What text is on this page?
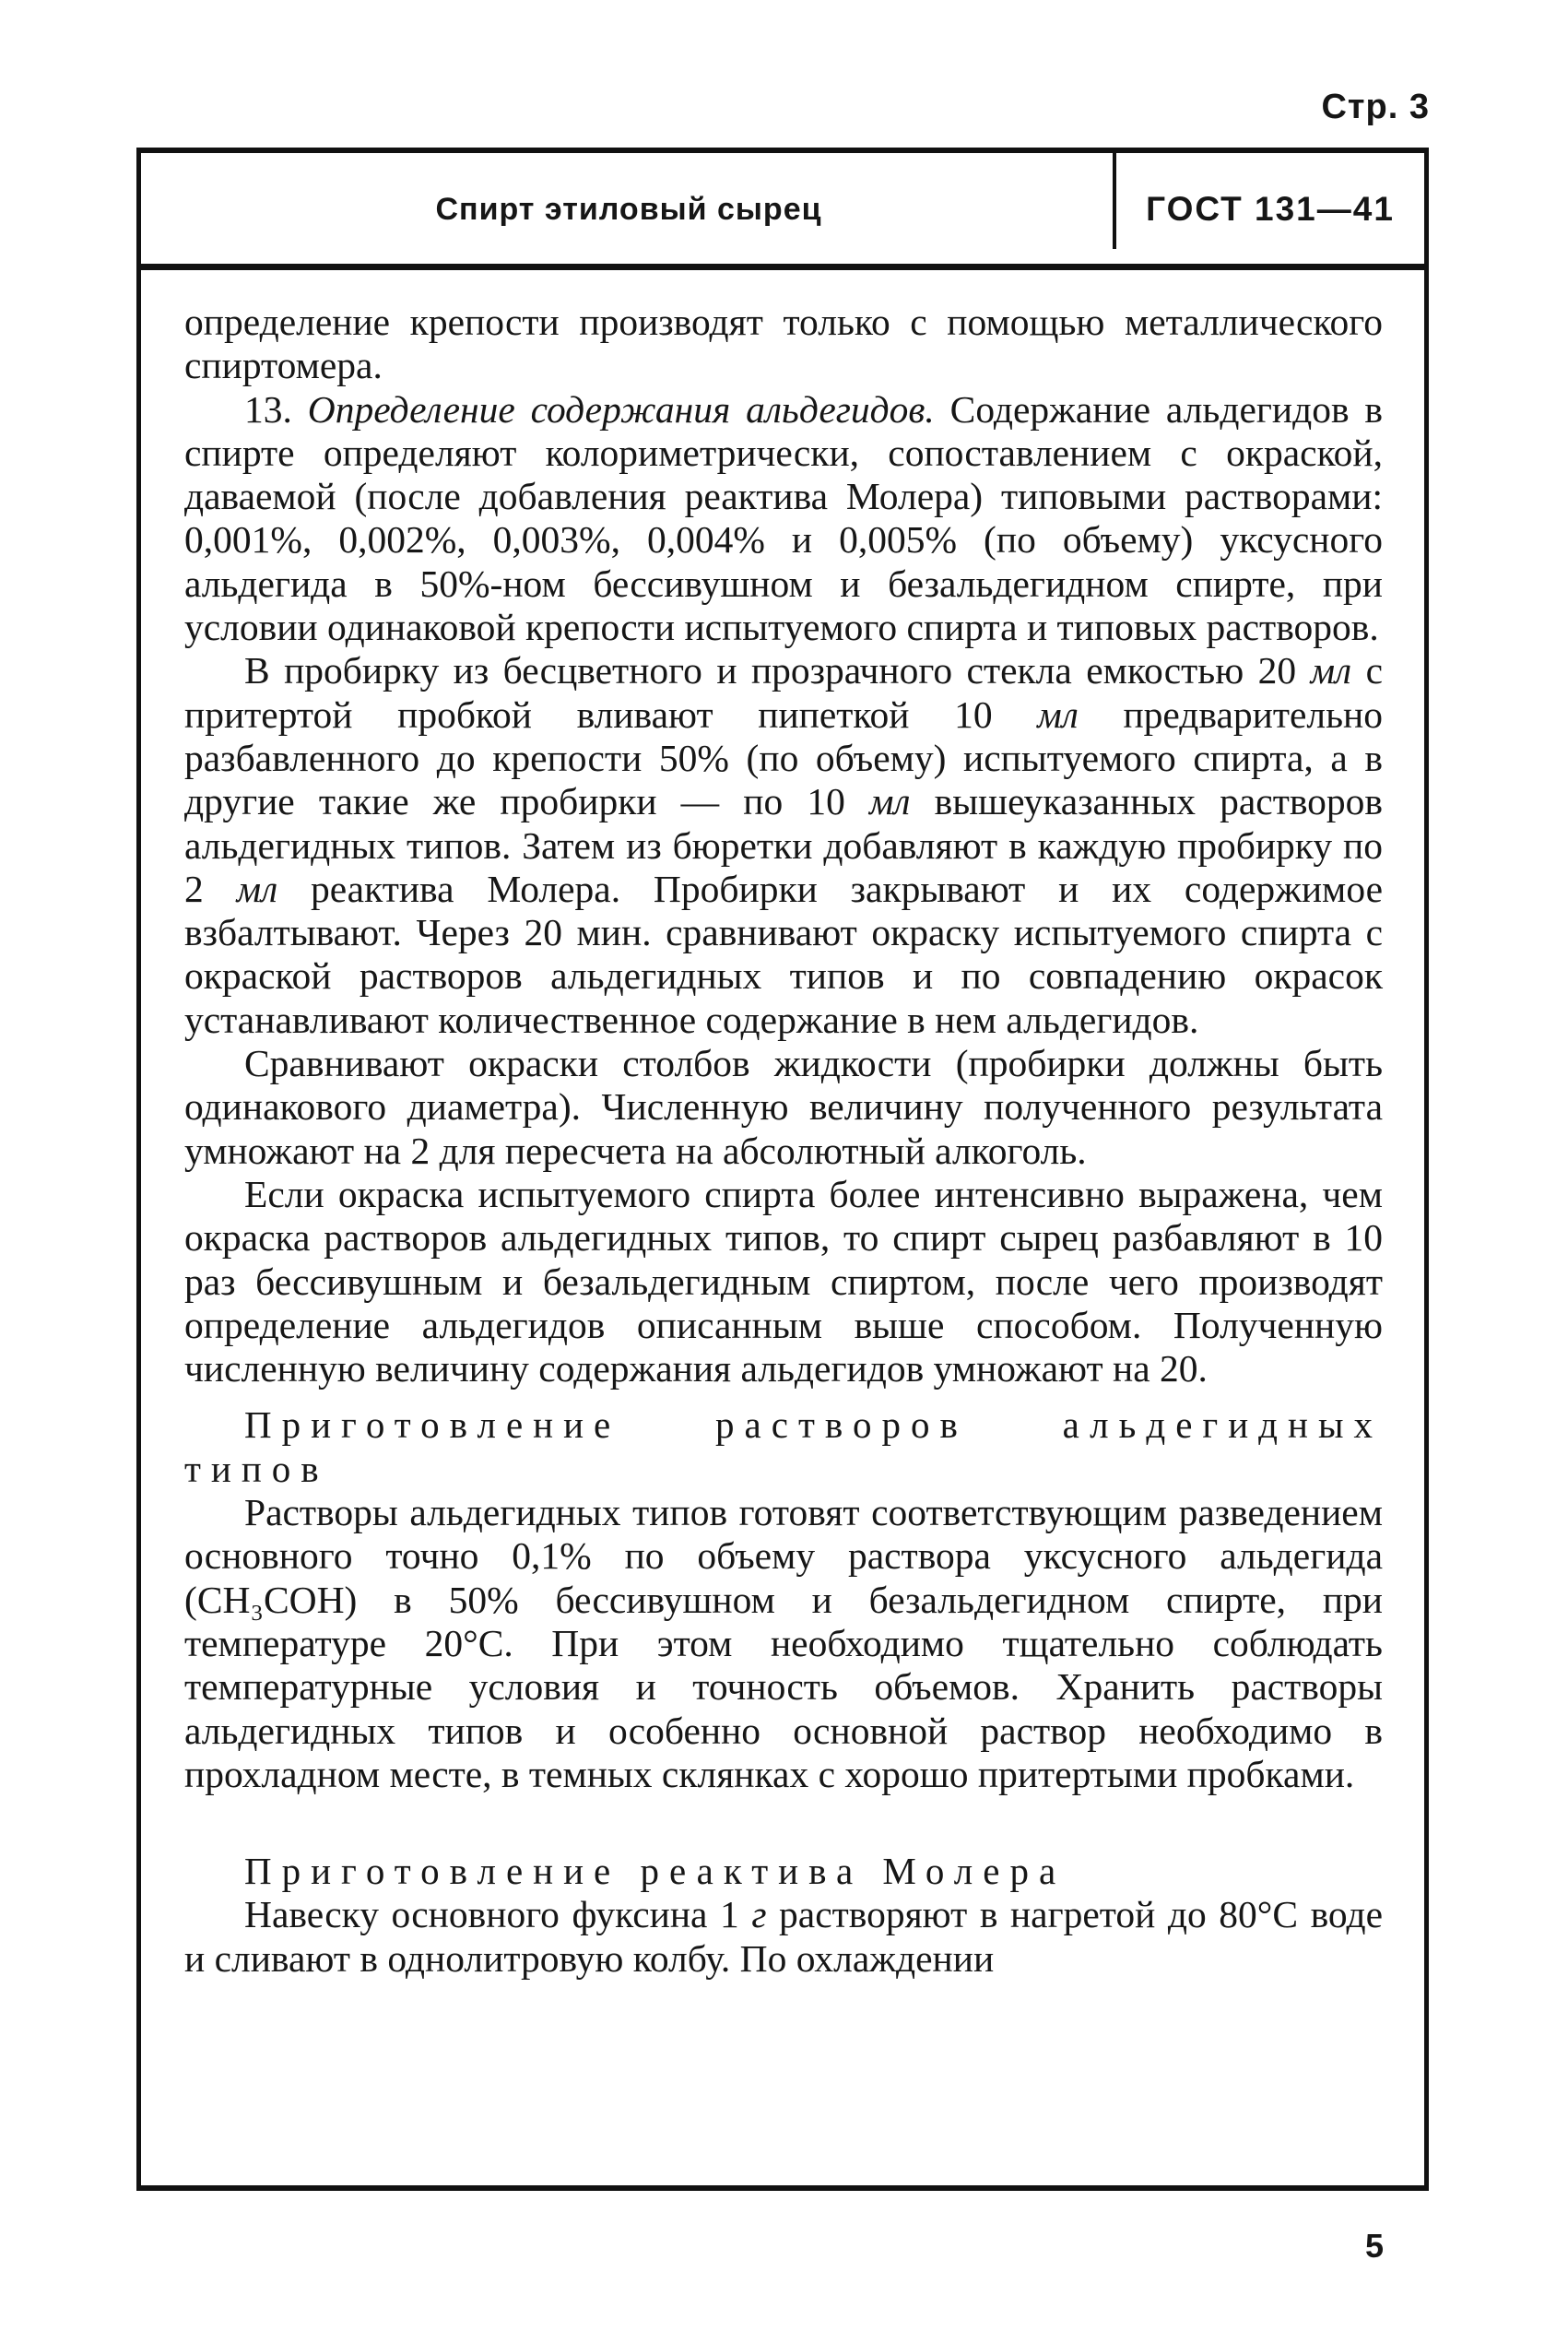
Стр. 3
Спирт этиловый сырец	ГОСТ 131—41

определение крепости производят только с помощью металлического спиртомера.

13. Определение содержания альдегидов. Содержание альдегидов в спирте определяют колориметрически, сопоставлением с окраской, даваемой (после добавления реактива Молера) типовыми растворами: 0,001%, 0,002%, 0,003%, 0,004% и 0,005% (по объему) уксусного альдегида в 50%-ном бессивушном и безальдегидном спирте, при условии одинаковой крепости испытуемого спирта и типовых растворов.

В пробирку из бесцветного и прозрачного стекла емкостью 20 мл с притертой пробкой вливают пипеткой 10 мл предварительно разбавленного до крепости 50% (по объему) испытуемого спирта, а в другие такие же пробирки — по 10 мл вышеуказанных растворов альдегидных типов. Затем из бюретки добавляют в каждую пробирку по 2 мл реактива Молера. Пробирки закрывают и их содержимое взбалтывают. Через 20 мин. сравнивают окраску испытуемого спирта с окраской растворов альдегидных типов и по совпадению окрасок устанавливают количественное содержание в нем альдегидов.

Сравнивают окраски столбов жидкости (пробирки должны быть одинакового диаметра). Численную величину полученного результата умножают на 2 для пересчета на абсолютный алкоголь.

Если окраска испытуемого спирта более интенсивно выражена, чем окраска растворов альдегидных типов, то спирт сырец разбавляют в 10 раз бессивушным и безальдегидным спиртом, после чего производят определение альдегидов описанным выше способом. Полученную численную величину содержания альдегидов умножают на 20.

Приготовление растворов альдегидных типов

Растворы альдегидных типов готовят соответствующим разведением основного точно 0,1% по объему раствора уксусного альдегида (CH₃COH) в 50% бессивушном и безальдегидном спирте, при температуре 20°С. При этом необходимо тщательно соблюдать температурные условия и точность объемов. Хранить растворы альдегидных типов и особенно основной раствор необходимо в прохладном месте, в темных склянках с хорошо притертыми пробками.

Приготовление реактива Молера

Навеску основного фуксина 1 г растворяют в нагретой до 80°С воде и сливают в однолитровую колбу. По охлаждении

5
